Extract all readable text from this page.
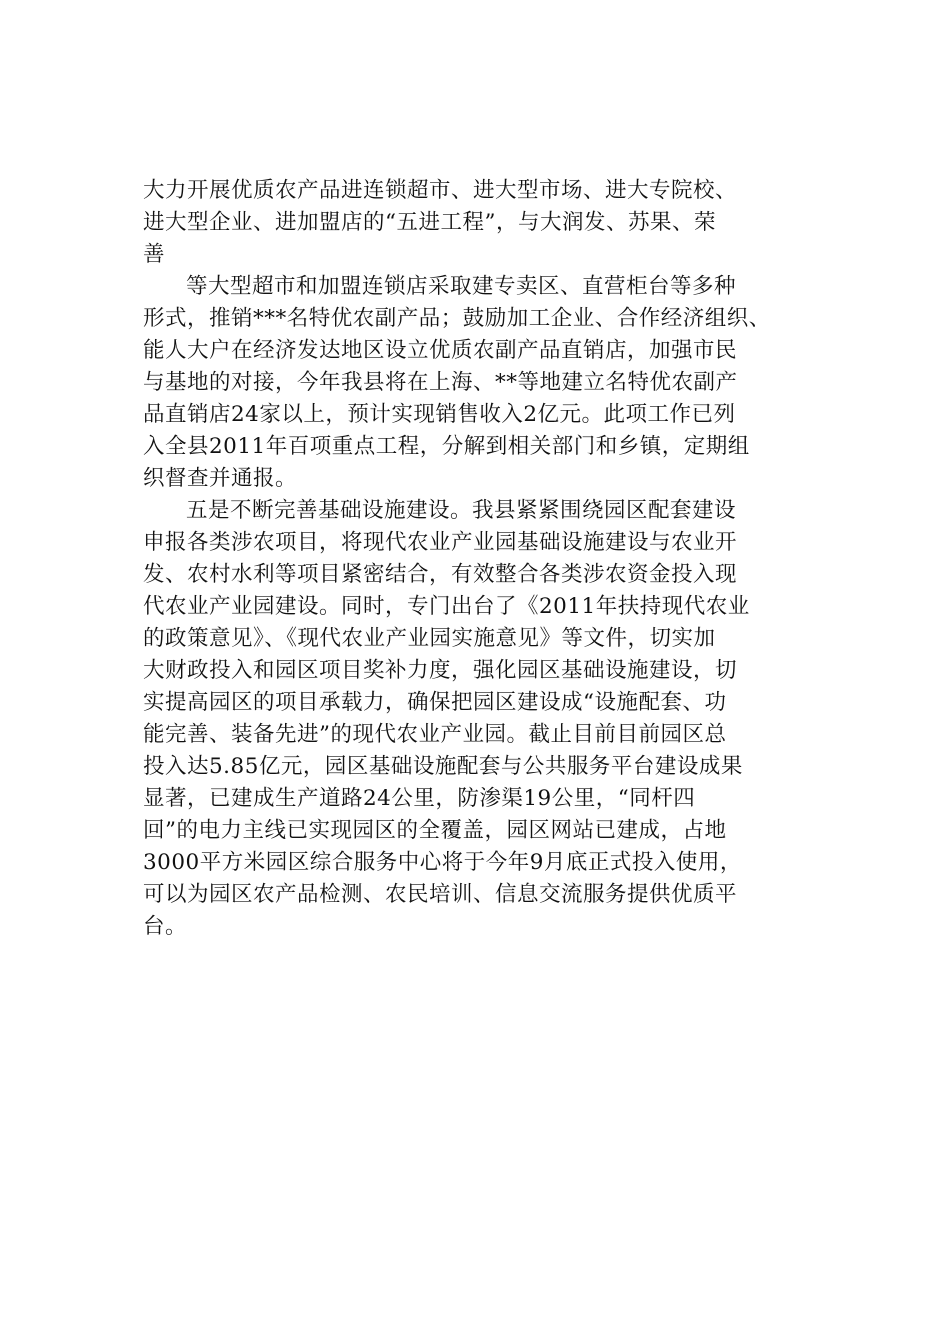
大力开展优质农产品进连锁超市、进大型市场、进大专院校、
进大型企业、进加盟店的“五进工程”，与大润发、苏果、荣
善
等大型超市和加盟连锁店采取建专卖区、直营柜台等多种
形式，推销***名特优农副产品；鼓励加工企业、合作经济组织、
能人大户在经济发达地区设立优质农副产品直销店，加强市民
与基地的对接，今年我县将在上海、**等地建立名特优农副产
品直销店24家以上，预计实现销售收入2亿元。此项工作已列
入全县2011年百项重点工程，分解到相关部门和乡镇，定期组
织督查并通报。
五是不断完善基础设施建设。我县紧紧围绕园区配套建设
申报各类涉农项目，将现代农业产业园基础设施建设与农业开
发、农村水利等项目紧密结合，有效整合各类涉农资金投入现
代农业产业园建设。同时，专门出台了《2011年扶持现代农业
的政策意见》、《现代农业产业园实施意见》等文件，切实加
大财政投入和园区项目奖补力度，强化园区基础设施建设，切
实提高园区的项目承载力，确保把园区建设成“设施配套、功
能完善、装备先进”的现代农业产业园。截止目前目前园区总
投入达5.85亿元，园区基础设施配套与公共服务平台建设成果
显著，已建成生产道路24公里，防渗渠19公里，“同杆四
回”的电力主线已实现园区的全覆盖，园区网站已建成，占地
3000平方米园区综合服务中心将于今年9月底正式投入使用，
可以为园区农产品检测、农民培训、信息交流服务提供优质平
台。
